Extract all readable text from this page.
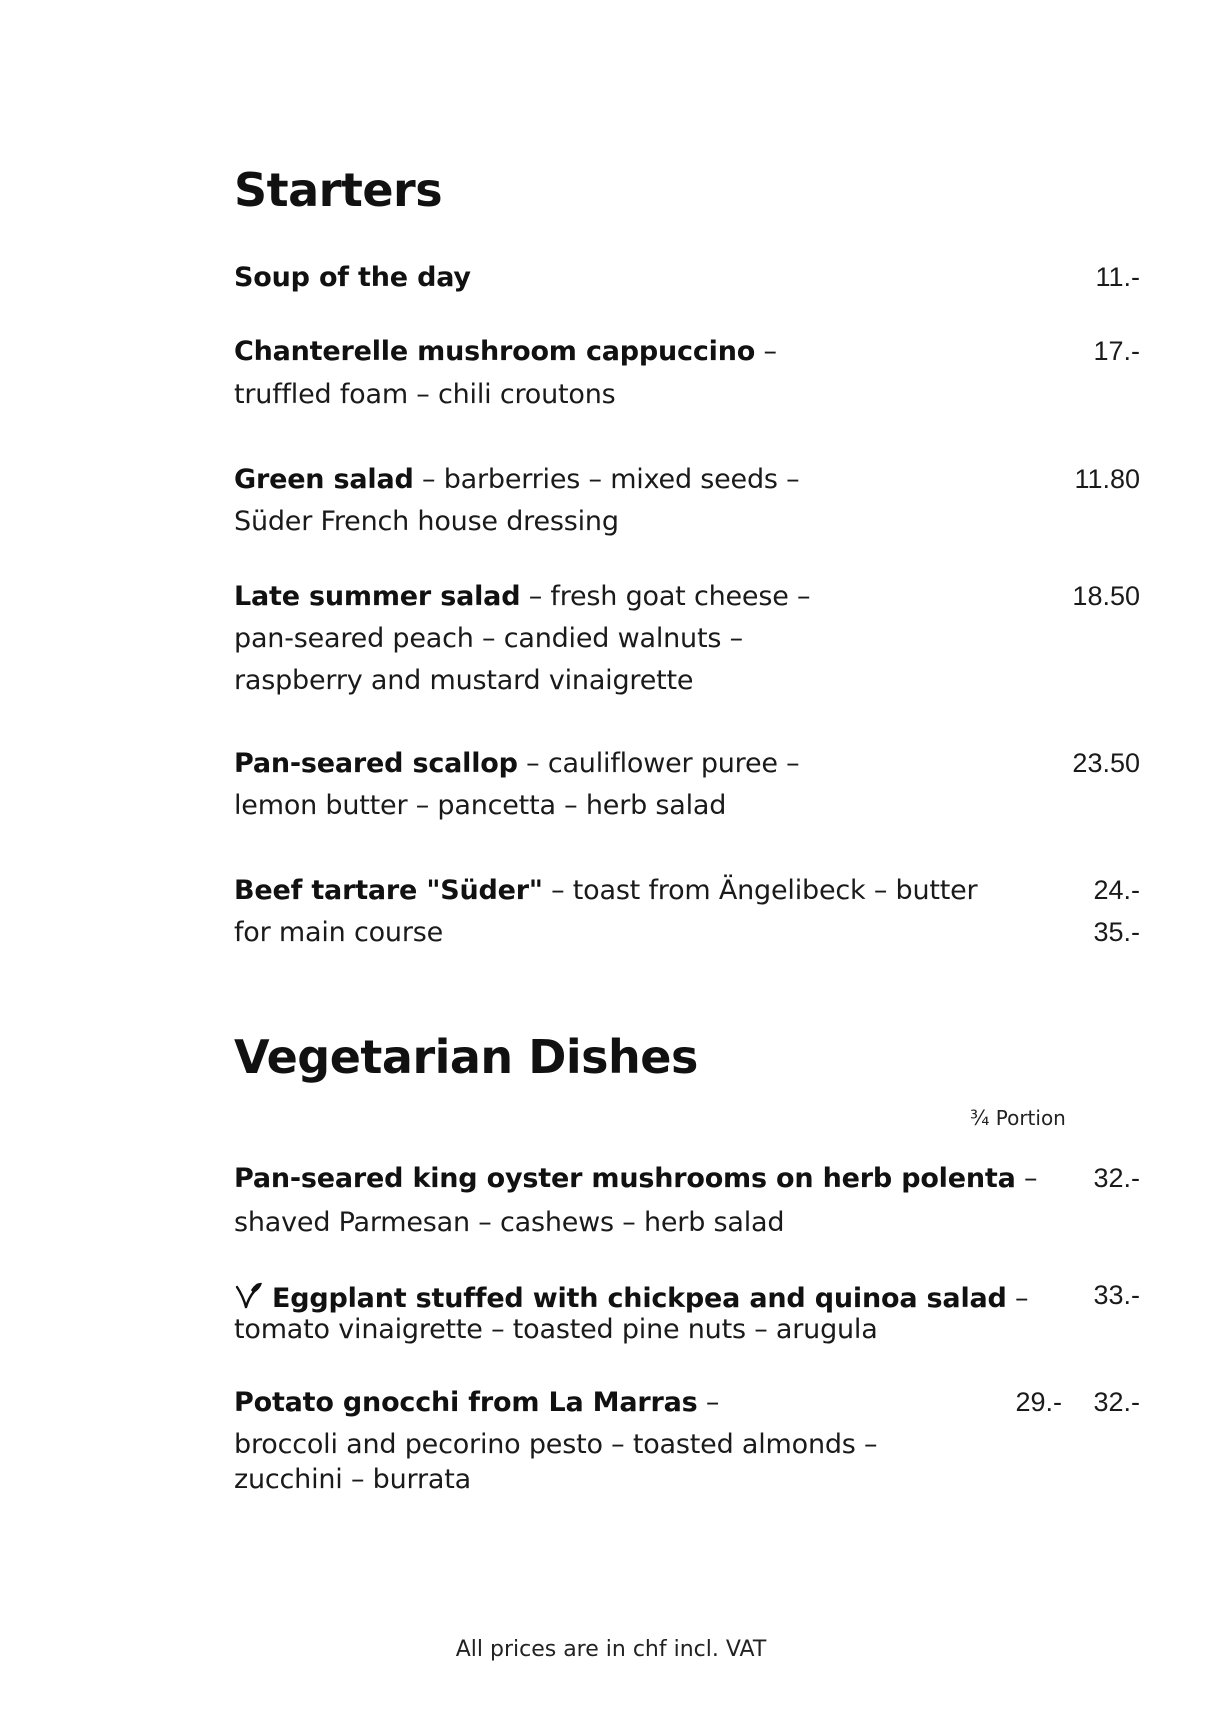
Starters

Soup of the day	11.-

Chanterelle mushroom cappuccino –

truffled foam – chili croutons

17.-

Green salad – barberries – mixed seeds –

Süder French house dressing

11.80

Late summer salad – fresh goat cheese –

pan-seared peach – candied walnuts –

raspberry and mustard vinaigrette

18.50

Pan-seared scallop – cauliflower puree –

lemon butter – pancetta – herb salad

23.50

Beef tartare "Süder" – toast from Ängelibeck – butter

for main course

24.-

35.-

Vegetarian Dishes
¾ Portion

Pan-seared king oyster mushrooms on herb polenta –

shaved Parmesan – cashews – herb salad

32.-

Eggplant stuffed with chickpea and quinoa salad –

tomato vinaigrette – toasted pine nuts – arugula

33.-

Potato gnocchi from La Marras –

broccoli and pecorino pesto – toasted almonds –

zucchini – burrata

29.- 32.-

All prices are in chf incl. VAT
